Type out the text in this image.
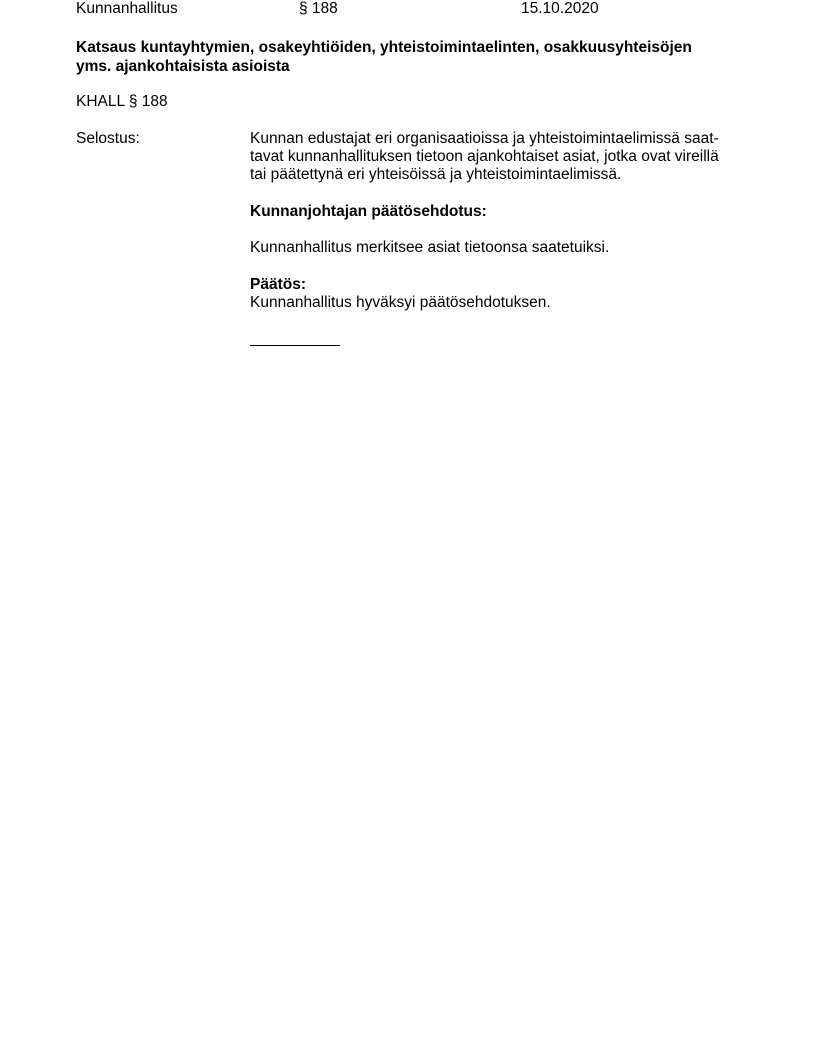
Kunnanhallitus	§ 188	15.10.2020
Katsaus kuntayhtymien, osakeyhtiöiden, yhteistoimintaelinten, osakkuusyhteisöjen
yms. ajankohtaisista asioista
KHALL § 188
Selostus:	Kunnan edustajat eri organisaatioissa ja yhteistoimintaelimissä saat-
tavat kunnanhallituksen tietoon ajankohtaiset asiat, jotka ovat vireillä
tai päätettynä eri yhteisöissä ja yhteistoimintaelimissä.
Kunnanjohtajan päätösehdotus:
Kunnanhallitus merkitsee asiat tietoonsa saatetuiksi.
Päätös:
Kunnanhallitus hyväksyi päätösehdotuksen.
